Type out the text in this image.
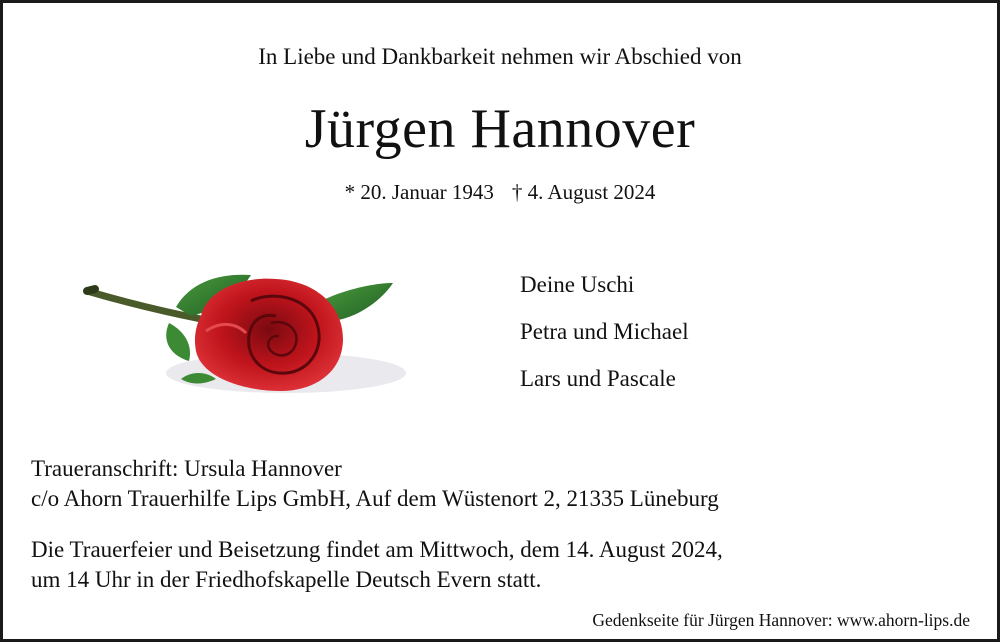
In Liebe und Dankbarkeit nehmen wir Abschied von
Jürgen Hannover
* 20. Januar 1943 † 4. August 2024
Deine Uschi
Petra und Michael
Lars und Pascale
Traueranschrift: Ursula Hannover
c/o Ahorn Trauerhilfe Lips GmbH, Auf dem Wüstenort 2, 21335 Lüneburg
Die Trauerfeier und Beisetzung findet am Mittwoch, dem 14. August 2024,
um 14 Uhr in der Friedhofskapelle Deutsch Evern statt.
Gedenkseite für Jürgen Hannover: www.ahorn-lips.de
